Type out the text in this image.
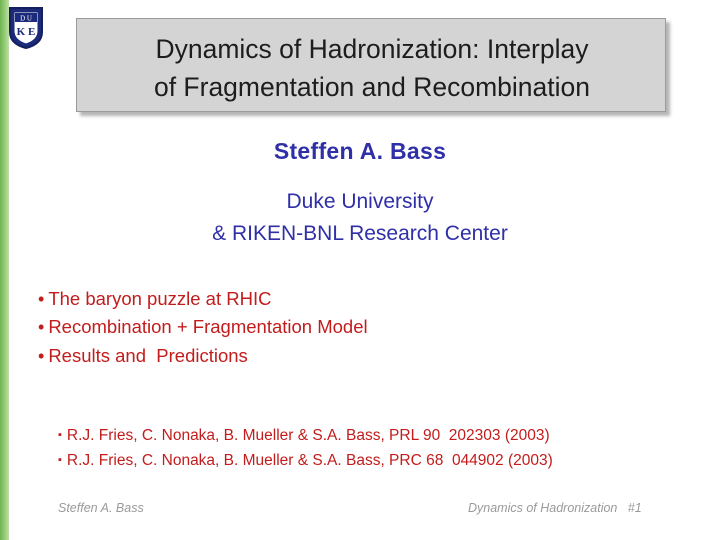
D U
K E
Dynamics of Hadronization: Interplay
of Fragmentation and Recombination
Steffen A. Bass
Duke University
& RIKEN-BNL Research Center
• The baryon puzzle at RHIC
• Recombination + Fragmentation Model
• Results and  Predictions
▪ R.J. Fries, C. Nonaka, B. Mueller & S.A. Bass, PRL 90  202303 (2003)
▪ R.J. Fries, C. Nonaka, B. Mueller & S.A. Bass, PRC 68  044902 (2003)
Steffen A. Bass	Dynamics of Hadronization   #1
